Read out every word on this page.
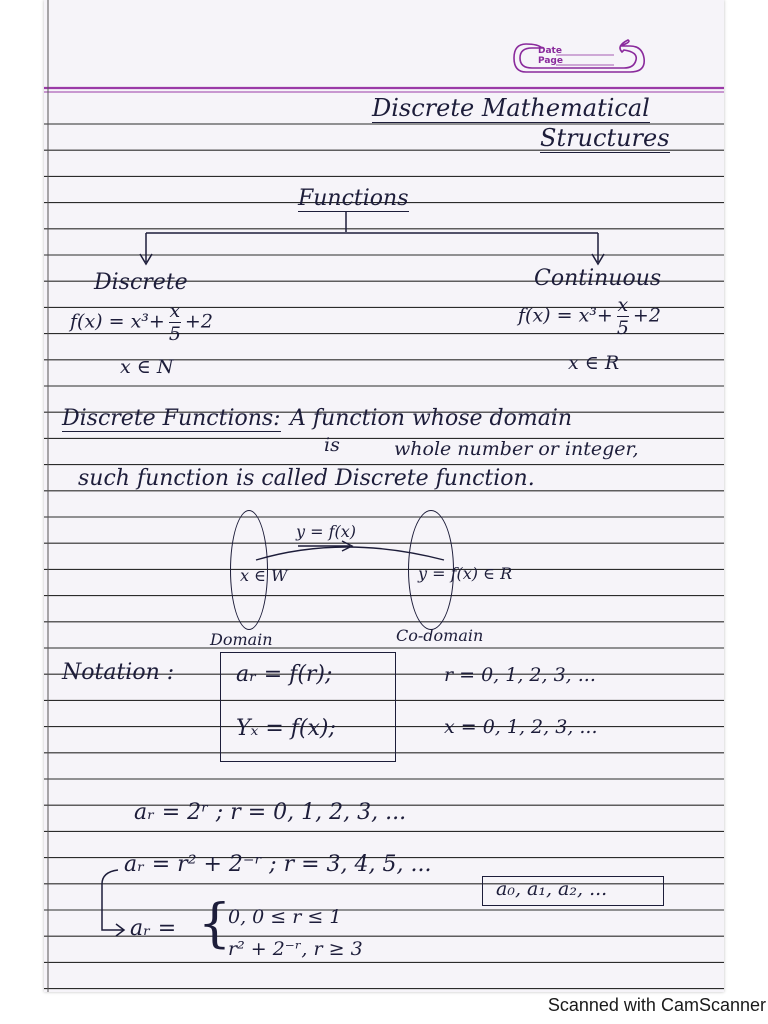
Date
Page
Discrete Mathematical
Structures
Functions
Discrete
$f(x) = x^3+ \frac{x}{5} +2$
x ∈ N
Continuous
$f(x) = x^3+ \frac{x}{5} +2$
x ∈ R
Discrete Functions: A function whose domain
is	whole number or integer,
such function is called Discrete function.
y = f(x)
x ∈ W	y = f(x) ∈ R
Domain	Co-domain
Notation :	aᵣ = f(r);	r = 0, 1, 2, 3, ...
Yₓ = f(x);	x = 0, 1, 2, 3, ...
aᵣ = 2ʳ ; r = 0, 1, 2, 3, ...
aᵣ = r² + 2⁻ʳ ; r = 3, 4, 5, ...
a₀, a₁, a₂, ...
aᵣ = {
0, 0 ≤ r ≤ 1
r² + 2⁻ʳ, r ≥ 3
Scanned with CamScanner
